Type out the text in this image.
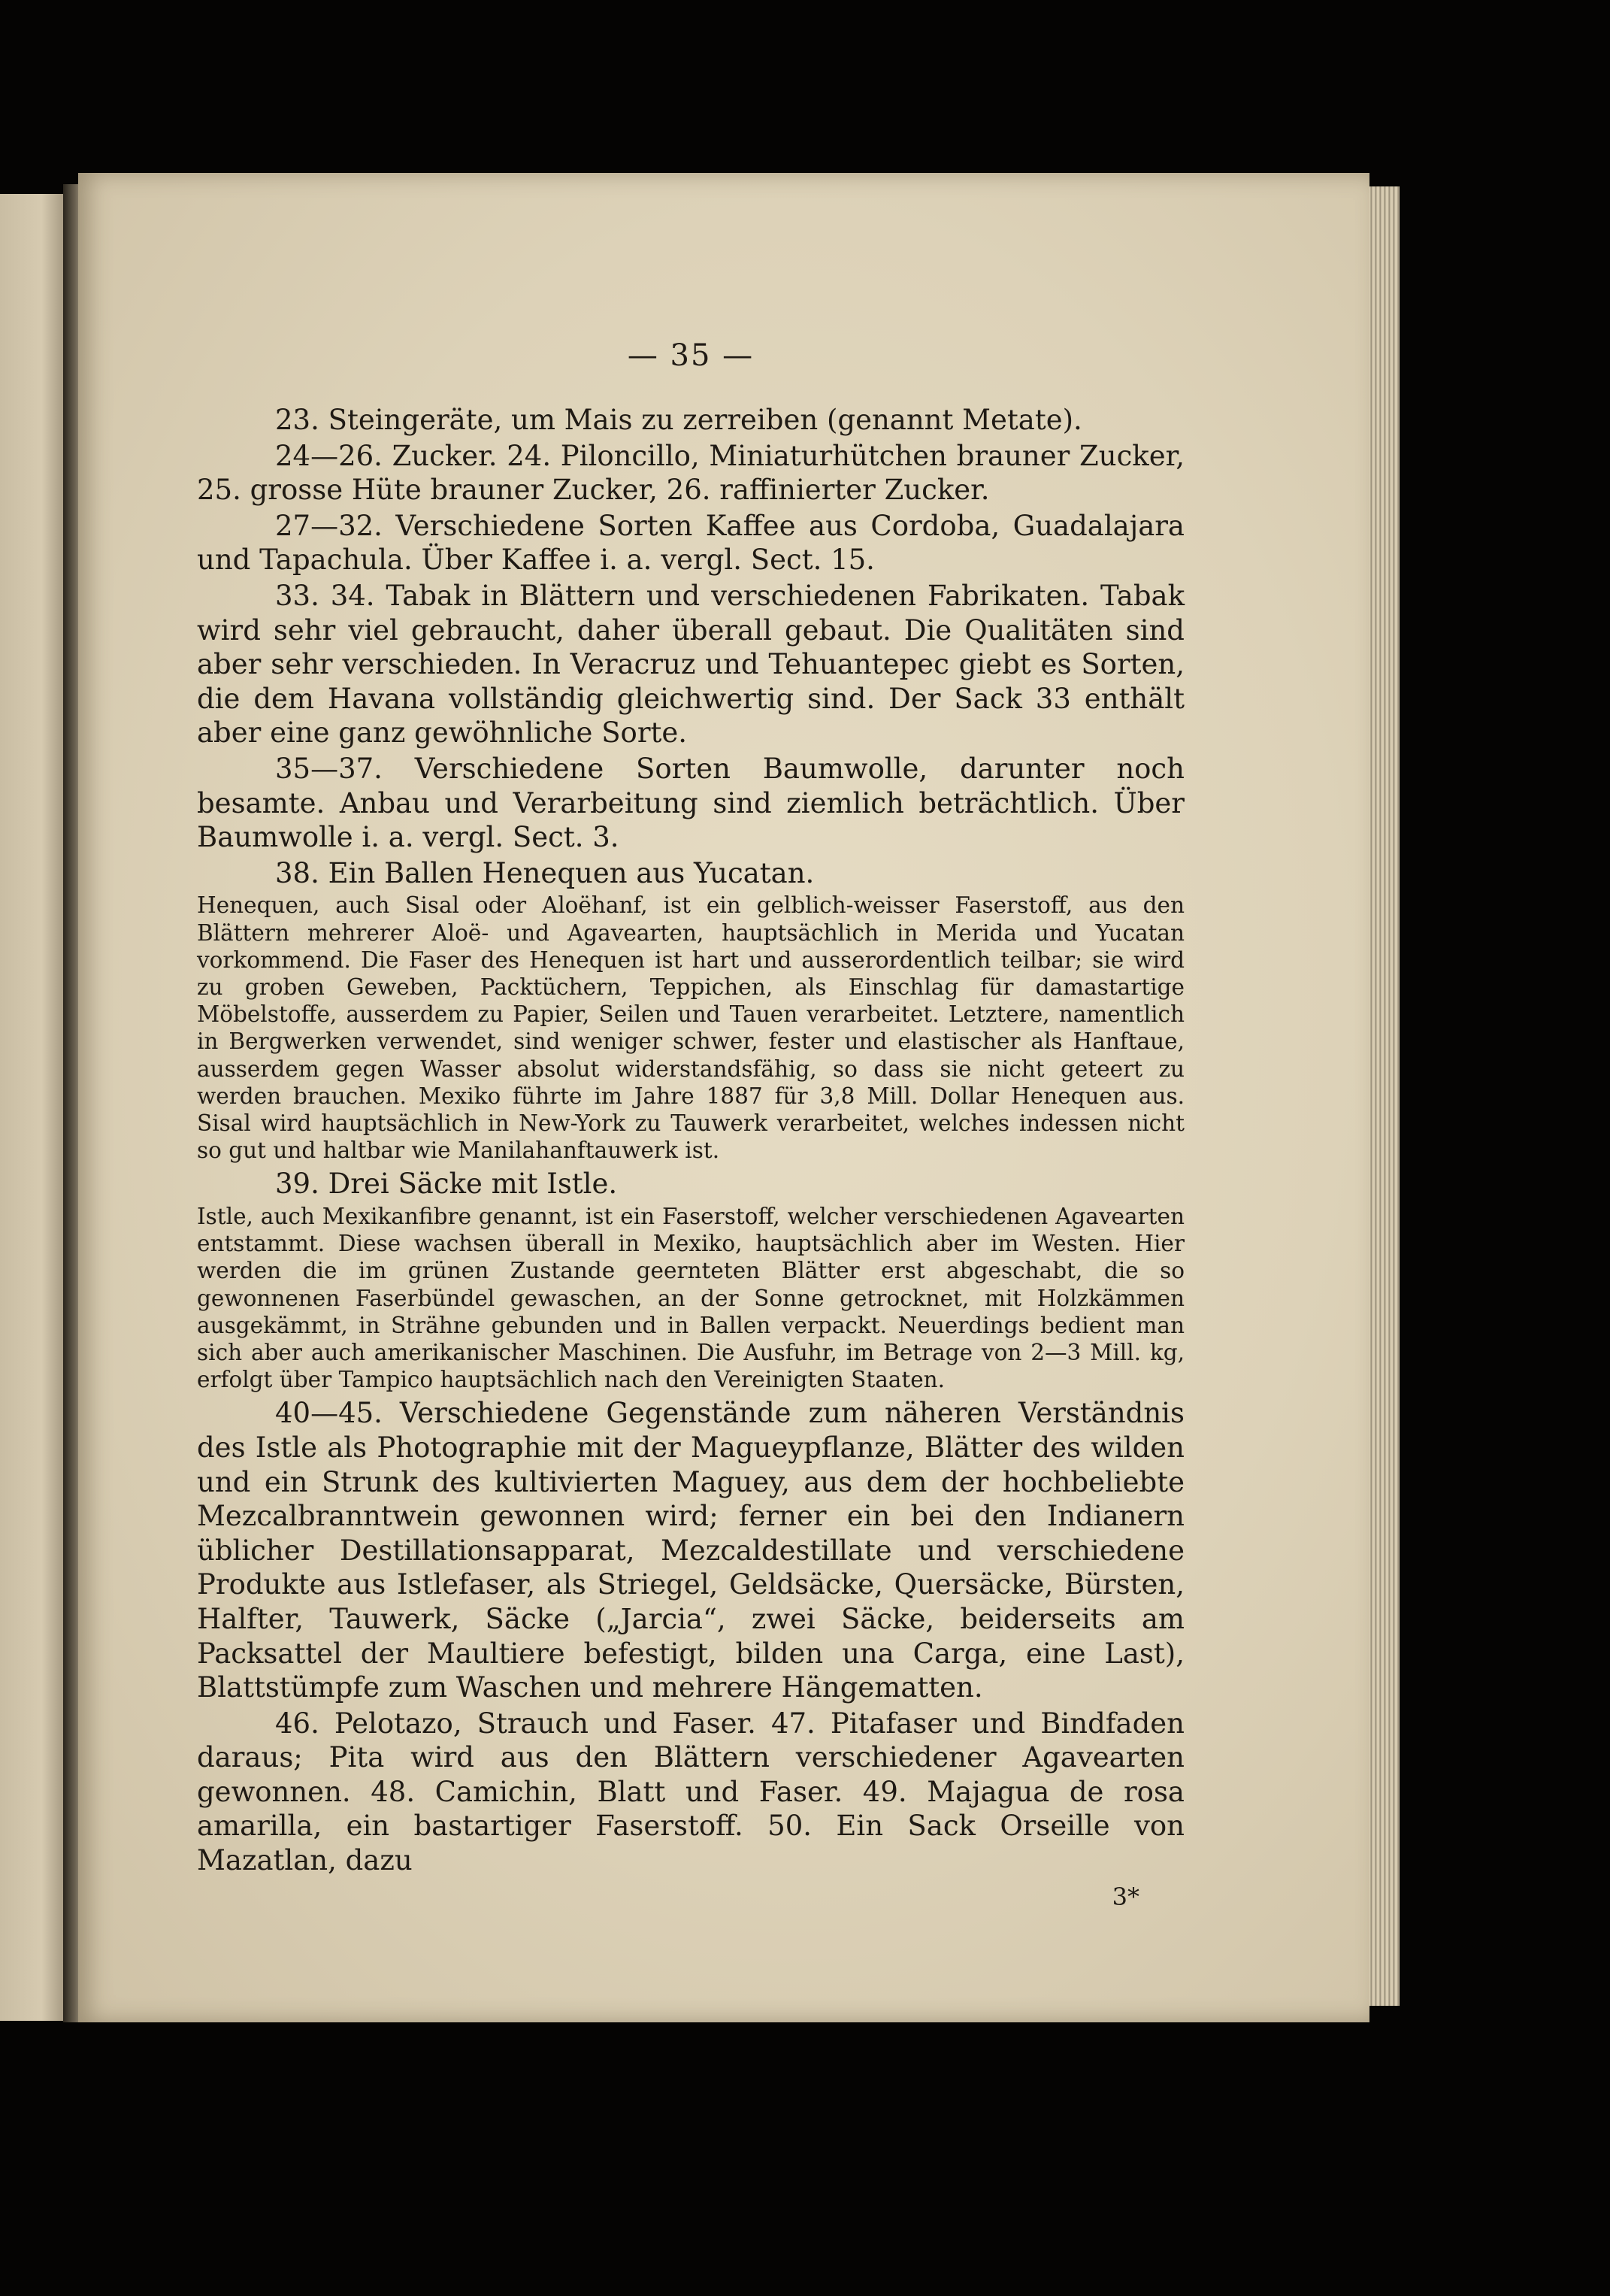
— 35 —

23. Steingeräte, um Mais zu zerreiben (genannt Metate).

24—26. Zucker. 24. Piloncillo, Miniaturhütchen brauner Zucker, 25. grosse Hüte brauner Zucker, 26. raffinierter Zucker.

27—32. Verschiedene Sorten Kaffee aus Cordoba, Guadalajara und Tapachula. Über Kaffee i. a. vergl. Sect. 15.

33. 34. Tabak in Blättern und verschiedenen Fabrikaten. Tabak wird sehr viel gebraucht, daher überall gebaut. Die Qualitäten sind aber sehr verschieden. In Veracruz und Tehuantepec giebt es Sorten, die dem Havana vollständig gleichwertig sind. Der Sack 33 enthält aber eine ganz gewöhnliche Sorte.

35—37. Verschiedene Sorten Baumwolle, darunter noch besamte. Anbau und Verarbeitung sind ziemlich beträchtlich. Über Baumwolle i. a. vergl. Sect. 3.

38. Ein Ballen Henequen aus Yucatan.

Henequen, auch Sisal oder Aloëhanf, ist ein gelblich-weisser Faserstoff, aus den Blättern mehrerer Aloë- und Agavearten, hauptsächlich in Merida und Yucatan vorkommend. Die Faser des Henequen ist hart und ausserordentlich teilbar; sie wird zu groben Geweben, Packtüchern, Teppichen, als Einschlag für damastartige Möbelstoffe, ausserdem zu Papier, Seilen und Tauen verarbeitet. Letztere, namentlich in Bergwerken verwendet, sind weniger schwer, fester und elastischer als Hanftaue, ausserdem gegen Wasser absolut widerstandsfähig, so dass sie nicht geteert zu werden brauchen. Mexiko führte im Jahre 1887 für 3,8 Mill. Dollar Henequen aus. Sisal wird hauptsächlich in New-York zu Tauwerk verarbeitet, welches indessen nicht so gut und haltbar wie Manilahanftauwerk ist.

39. Drei Säcke mit Istle.

Istle, auch Mexikanfibre genannt, ist ein Faserstoff, welcher verschiedenen Agavearten entstammt. Diese wachsen überall in Mexiko, hauptsächlich aber im Westen. Hier werden die im grünen Zustande geernteten Blätter erst abgeschabt, die so gewonnenen Faserbündel gewaschen, an der Sonne getrocknet, mit Holzkämmen ausgekämmt, in Strähne gebunden und in Ballen verpackt. Neuerdings bedient man sich aber auch amerikanischer Maschinen. Die Ausfuhr, im Betrage von 2—3 Mill. kg, erfolgt über Tampico hauptsächlich nach den Vereinigten Staaten.

40—45. Verschiedene Gegenstände zum näheren Verständnis des Istle als Photographie mit der Magueypflanze, Blätter des wilden und ein Strunk des kultivierten Maguey, aus dem der hochbeliebte Mezcalbranntwein gewonnen wird; ferner ein bei den Indianern üblicher Destillationsapparat, Mezcaldestillate und verschiedene Produkte aus Istlefaser, als Striegel, Geldsäcke, Quersäcke, Bürsten, Halfter, Tauwerk, Säcke („Jarcia“, zwei Säcke, beiderseits am Packsattel der Maultiere befestigt, bilden una Carga, eine Last), Blattstümpfe zum Waschen und mehrere Hängematten.

46. Pelotazo, Strauch und Faser. 47. Pitafaser und Bindfaden daraus; Pita wird aus den Blättern verschiedener Agavearten gewonnen. 48. Camichin, Blatt und Faser. 49. Majagua de rosa amarilla, ein bastartiger Faserstoff. 50. Ein Sack Orseille von Mazatlan, dazu

3*
